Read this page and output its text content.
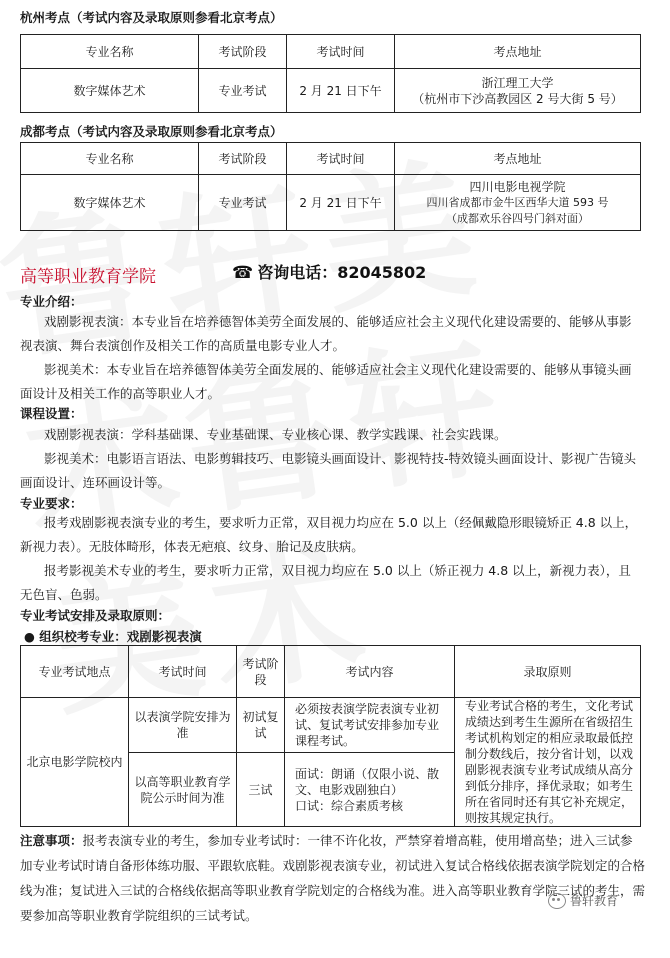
杭州考点（考试内容及录取原则参看北京考点）
专业名称	考试阶段	考试时间	考点地址
数字媒体艺术	专业考试	2 月 21 日下午	浙江理工大学
（杭州市下沙高教园区 2 号大街 5 号）
成都考点（考试内容及录取原则参看北京考点）
专业名称	考试阶段	考试时间	考点地址
数字媒体艺术	专业考试	2 月 21 日下午	四川电影电视学院
四川省成都市金牛区西华大道 593 号
（成都欢乐谷四号门斜对面）
高等职业教育学院	☎ 咨询电话：82045802
专业介绍：
戏剧影视表演：本专业旨在培养德智体美劳全面发展的、能够适应社会主义现代化建设需要的、能够从事影视表演、舞台表演创作及相关工作的高质量电影专业人才。
影视美术：本专业旨在培养德智体美劳全面发展的、能够适应社会主义现代化建设需要的、能够从事镜头画面设计及相关工作的高等职业人才。
课程设置：
戏剧影视表演：学科基础课、专业基础课、专业核心课、教学实践课、社会实践课。
影视美术：电影语言语法、电影剪辑技巧、电影镜头画面设计、影视特技-特效镜头画面设计、影视广告镜头画面设计、连环画设计等。
专业要求：
报考戏剧影视表演专业的考生，要求听力正常，双目视力均应在 5.0 以上（经佩戴隐形眼镜矫正 4.8 以上，新视力表）。无肢体畸形，体表无疤痕、纹身、胎记及皮肤病。
报考影视美术专业的考生，要求听力正常，双目视力均应在 5.0 以上（矫正视力 4.8 以上，新视力表），且无色盲、色弱。
专业考试安排及录取原则：
● 组织校考专业：戏剧影视表演
专业考试地点	考试时间	考试阶段	考试内容	录取原则
北京电影学院校内	以表演学院安排为准	初试复试	必须按表演学院表演专业初试、复试考试安排参加专业课程考试。	专业考试合格的考生，文化考试成绩达到考生生源所在省级招生考试机构划定的相应录取最低控制分数线后，按分省计划，以戏剧影视表演专业考试成绩从高分到低分排序，择优录取；如考生所在省同时还有其它补充规定，则按其规定执行。
	以高等职业教育学院公示时间为准	三试	面试：朗诵（仅限小说、散文、电影戏剧独白）
口试：综合素质考核	
注意事项：报考表演专业的考生，参加专业考试时：一律不许化妆，严禁穿着增高鞋，使用增高垫；进入三试参加专业考试时请自备形体练功服、平跟软底鞋。戏剧影视表演专业，初试进入复试合格线依据表演学院划定的合格线为准；复试进入三试的合格线依据高等职业教育学院划定的合格线为准。进入高等职业教育学院三试的考生，需要参加高等职业教育学院组织的三试考试。
鲁轩教育
